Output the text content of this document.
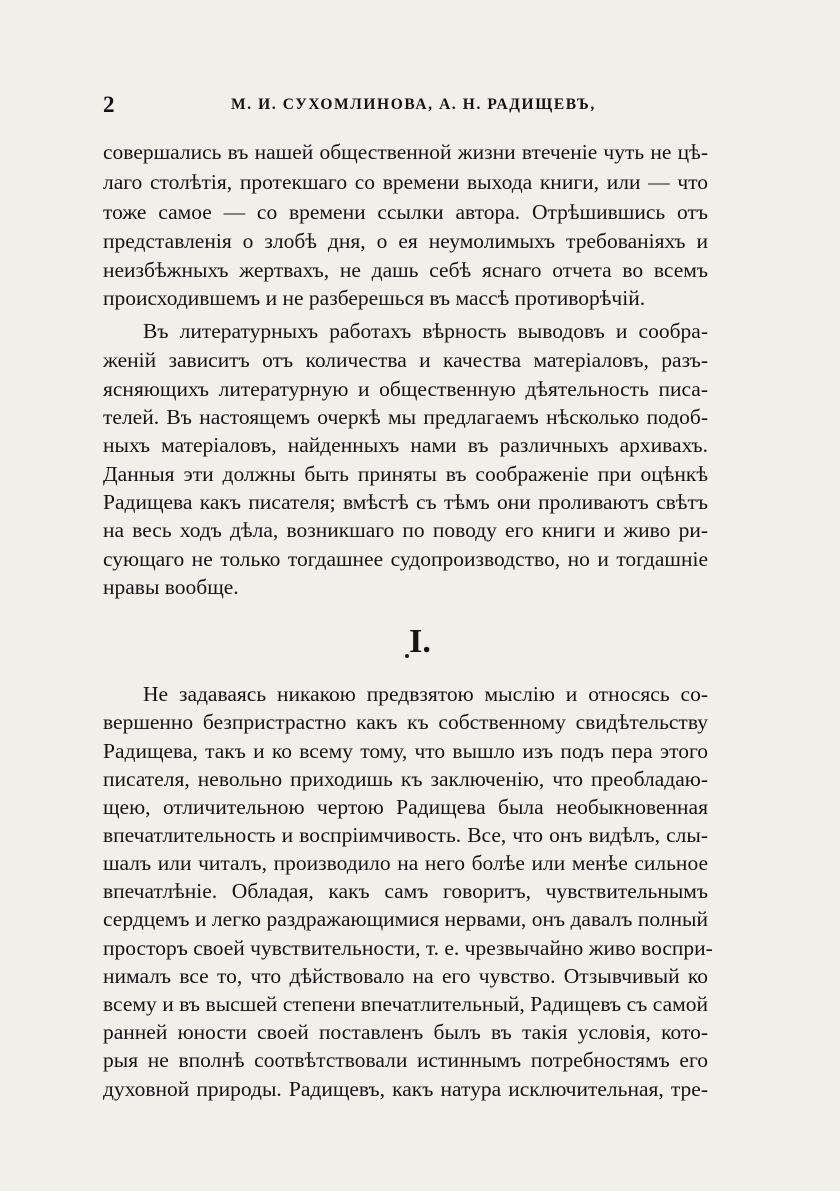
2	М. И. СУХОМЛИНОВА, А. Н. РАДИЩЕВЪ,
совершались въ нашей общественной жизни втеченіе чуть не цѣ-
лаго столѣтія, протекшаго со времени выхода книги, или — что
тоже самое — со времени ссылки автора. Отрѣшившись отъ
представленія о злобѣ дня, о ея неумолимыхъ требованіяхъ и
неизбѣжныхъ жертвахъ, не дашь себѣ яснаго отчета во всемъ
происходившемъ и не разберешься въ массѣ противорѣчій.
Въ литературныхъ работахъ вѣрность выводовъ и сообра-
женій зависитъ отъ количества и качества матеріаловъ, разъ-
ясняющихъ литературную и общественную дѣятельность писа-
телей. Въ настоящемъ очеркѣ мы предлагаемъ нѣсколько подоб-
ныхъ матеріаловъ, найденныхъ нами въ различныхъ архивахъ.
Данныя эти должны быть приняты въ соображеніе при оцѣнкѣ
Радищева какъ писателя; вмѣстѣ съ тѣмъ они проливаютъ свѣтъ
на весь ходъ дѣла, возникшаго по поводу его книги и живо ри-
сующаго не только тогдашнее судопроизводство, но и тогдашніе
нравы вообще.
I.
Не задаваясь никакою предвзятою мыслію и относясь со-
вершенно безпристрастно какъ къ собственному свидѣтельству
Радищева, такъ и ко всему тому, что вышло изъ подъ пера этого
писателя, невольно приходишь къ заключенію, что преобладаю-
щею, отличительною чертою Радищева была необыкновенная
впечатлительность и воспріимчивость. Все, что онъ видѣлъ, слы-
шалъ или читалъ, производило на него болѣе или менѣе сильное
впечатлѣніе. Обладая, какъ самъ говоритъ, чувствительнымъ
сердцемъ и легко раздражающимися нервами, онъ давалъ полный
просторъ своей чувствительности, т. е. чрезвычайно живо воспри-
нималъ все то, что дѣйствовало на его чувство. Отзывчивый ко
всему и въ высшей степени впечатлительный, Радищевъ съ самой
ранней юности своей поставленъ былъ въ такія условія, кото-
рыя не вполнѣ соотвѣтствовали истиннымъ потребностямъ его
духовной природы. Радищевъ, какъ натура исключительная, тре-
